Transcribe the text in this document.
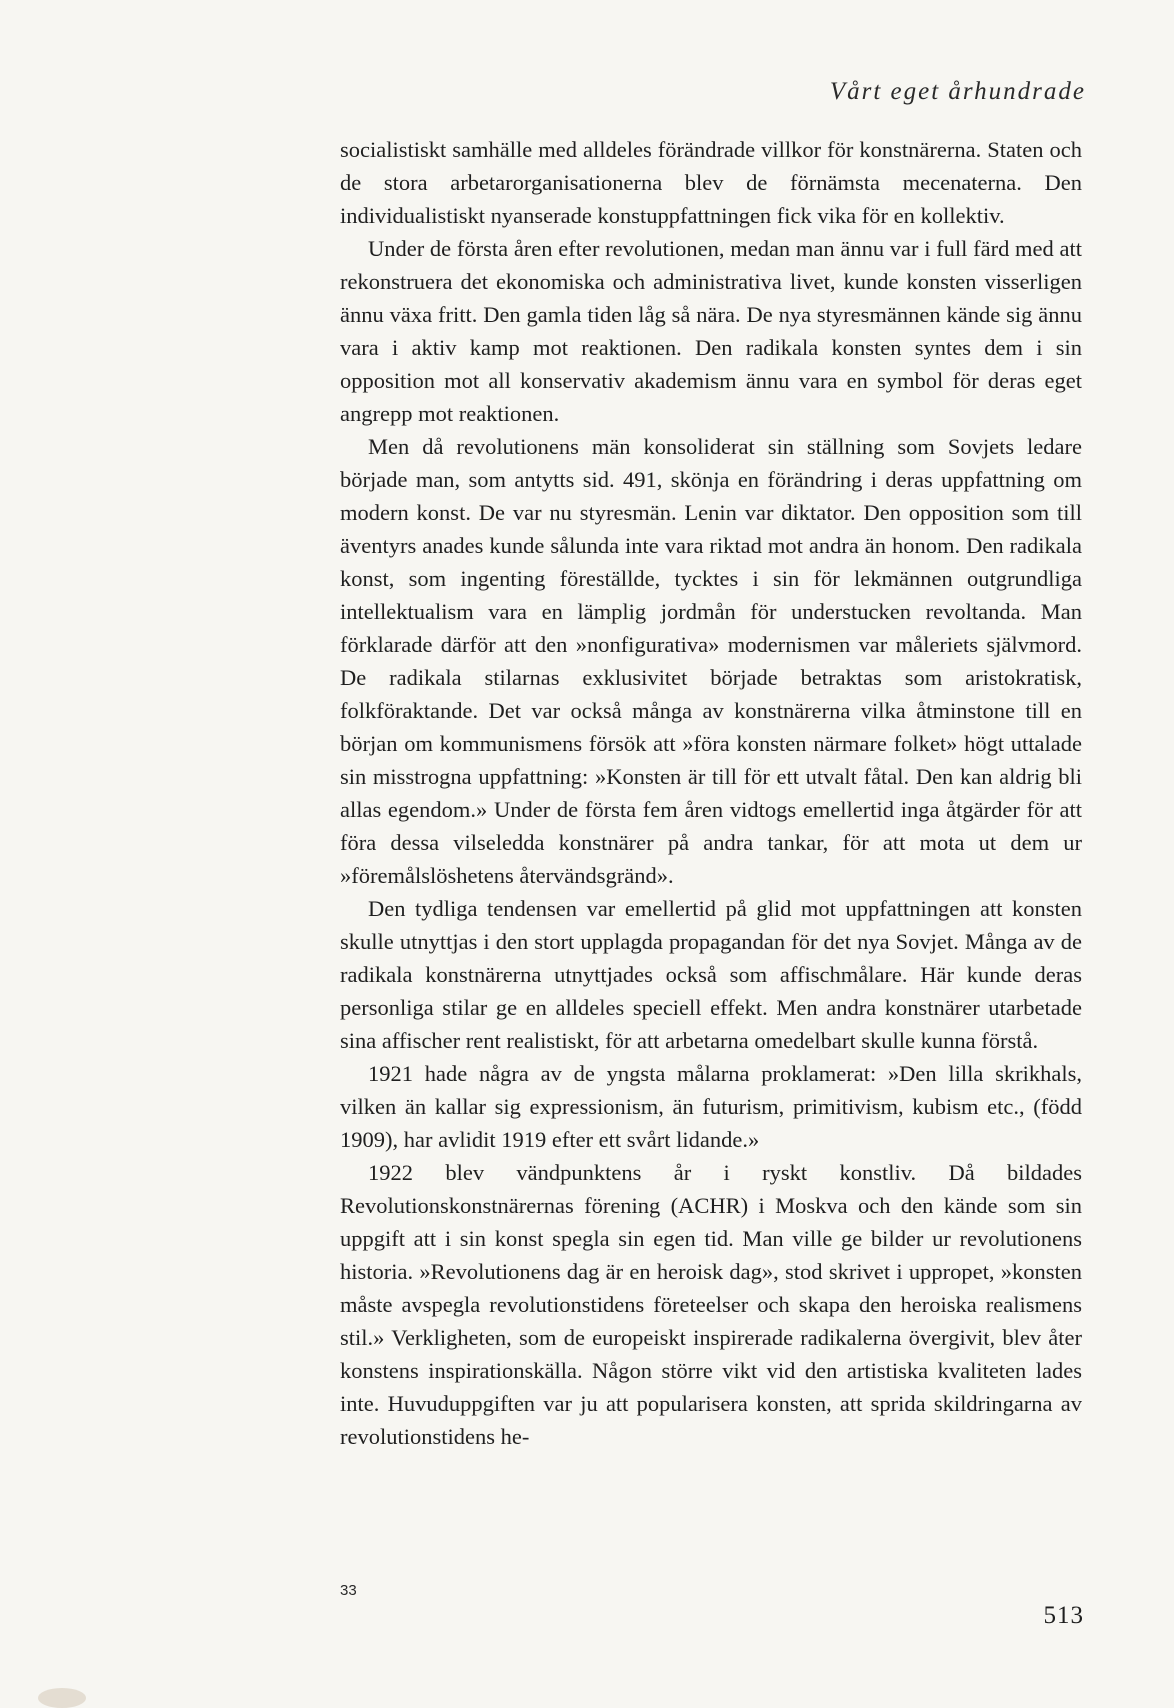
Vårt eget århundrade

socialistiskt samhälle med alldeles förändrade villkor för konstnärerna. Staten och de stora arbetarorganisationerna blev de förnämsta mecenaterna. Den individualistiskt nyanserade konstuppfattningen fick vika för en kollektiv.

Under de första åren efter revolutionen, medan man ännu var i full färd med att rekonstruera det ekonomiska och administrativa livet, kunde konsten visserligen ännu växa fritt. Den gamla tiden låg så nära. De nya styresmännen kände sig ännu vara i aktiv kamp mot reaktionen. Den radikala konsten syntes dem i sin opposition mot all konservativ akademism ännu vara en symbol för deras eget angrepp mot reaktionen.

Men då revolutionens män konsoliderat sin ställning som Sovjets ledare började man, som antytts sid. 491, skönja en förändring i deras uppfattning om modern konst. De var nu styresmän. Lenin var diktator. Den opposition som till äventyrs anades kunde sålunda inte vara riktad mot andra än honom. Den radikala konst, som ingenting föreställde, tycktes i sin för lekmännen outgrundliga intellektualism vara en lämplig jordmån för understucken revoltanda. Man förklarade därför att den »nonfigurativa» modernismen var måleriets självmord. De radikala stilarnas exklusivitet började betraktas som aristokratisk, folkföraktande. Det var också många av konstnärerna vilka åtminstone till en början om kommunismens försök att »föra konsten närmare folket» högt uttalade sin misstrogna uppfattning: »Konsten är till för ett utvalt fåtal. Den kan aldrig bli allas egendom.» Under de första fem åren vidtogs emellertid inga åtgärder för att föra dessa vilseledda konstnärer på andra tankar, för att mota ut dem ur »föremålslöshetens återvändsgränd».

Den tydliga tendensen var emellertid på glid mot uppfattningen att konsten skulle utnyttjas i den stort upplagda propagandan för det nya Sovjet. Många av de radikala konstnärerna utnyttjades också som affischmålare. Här kunde deras personliga stilar ge en alldeles speciell effekt. Men andra konstnärer utarbetade sina affischer rent realistiskt, för att arbetarna omedelbart skulle kunna förstå.

1921 hade några av de yngsta målarna proklamerat: »Den lilla skrikhals, vilken än kallar sig expressionism, än futurism, primitivism, kubism etc., (född 1909), har avlidit 1919 efter ett svårt lidande.»

1922 blev vändpunktens år i ryskt konstliv. Då bildades Revolutionskonstnärernas förening (ACHR) i Moskva och den kände som sin uppgift att i sin konst spegla sin egen tid. Man ville ge bilder ur revolutionens historia. »Revolutionens dag är en heroisk dag», stod skrivet i uppropet, »konsten måste avspegla revolutionstidens företeelser och skapa den heroiska realismens stil.» Verkligheten, som de europeiskt inspirerade radikalerna övergivit, blev åter konstens inspirationskälla. Någon större vikt vid den artistiska kvaliteten lades inte. Huvuduppgiften var ju att popularisera konsten, att sprida skildringarna av revolutionstidens he-

33
513
